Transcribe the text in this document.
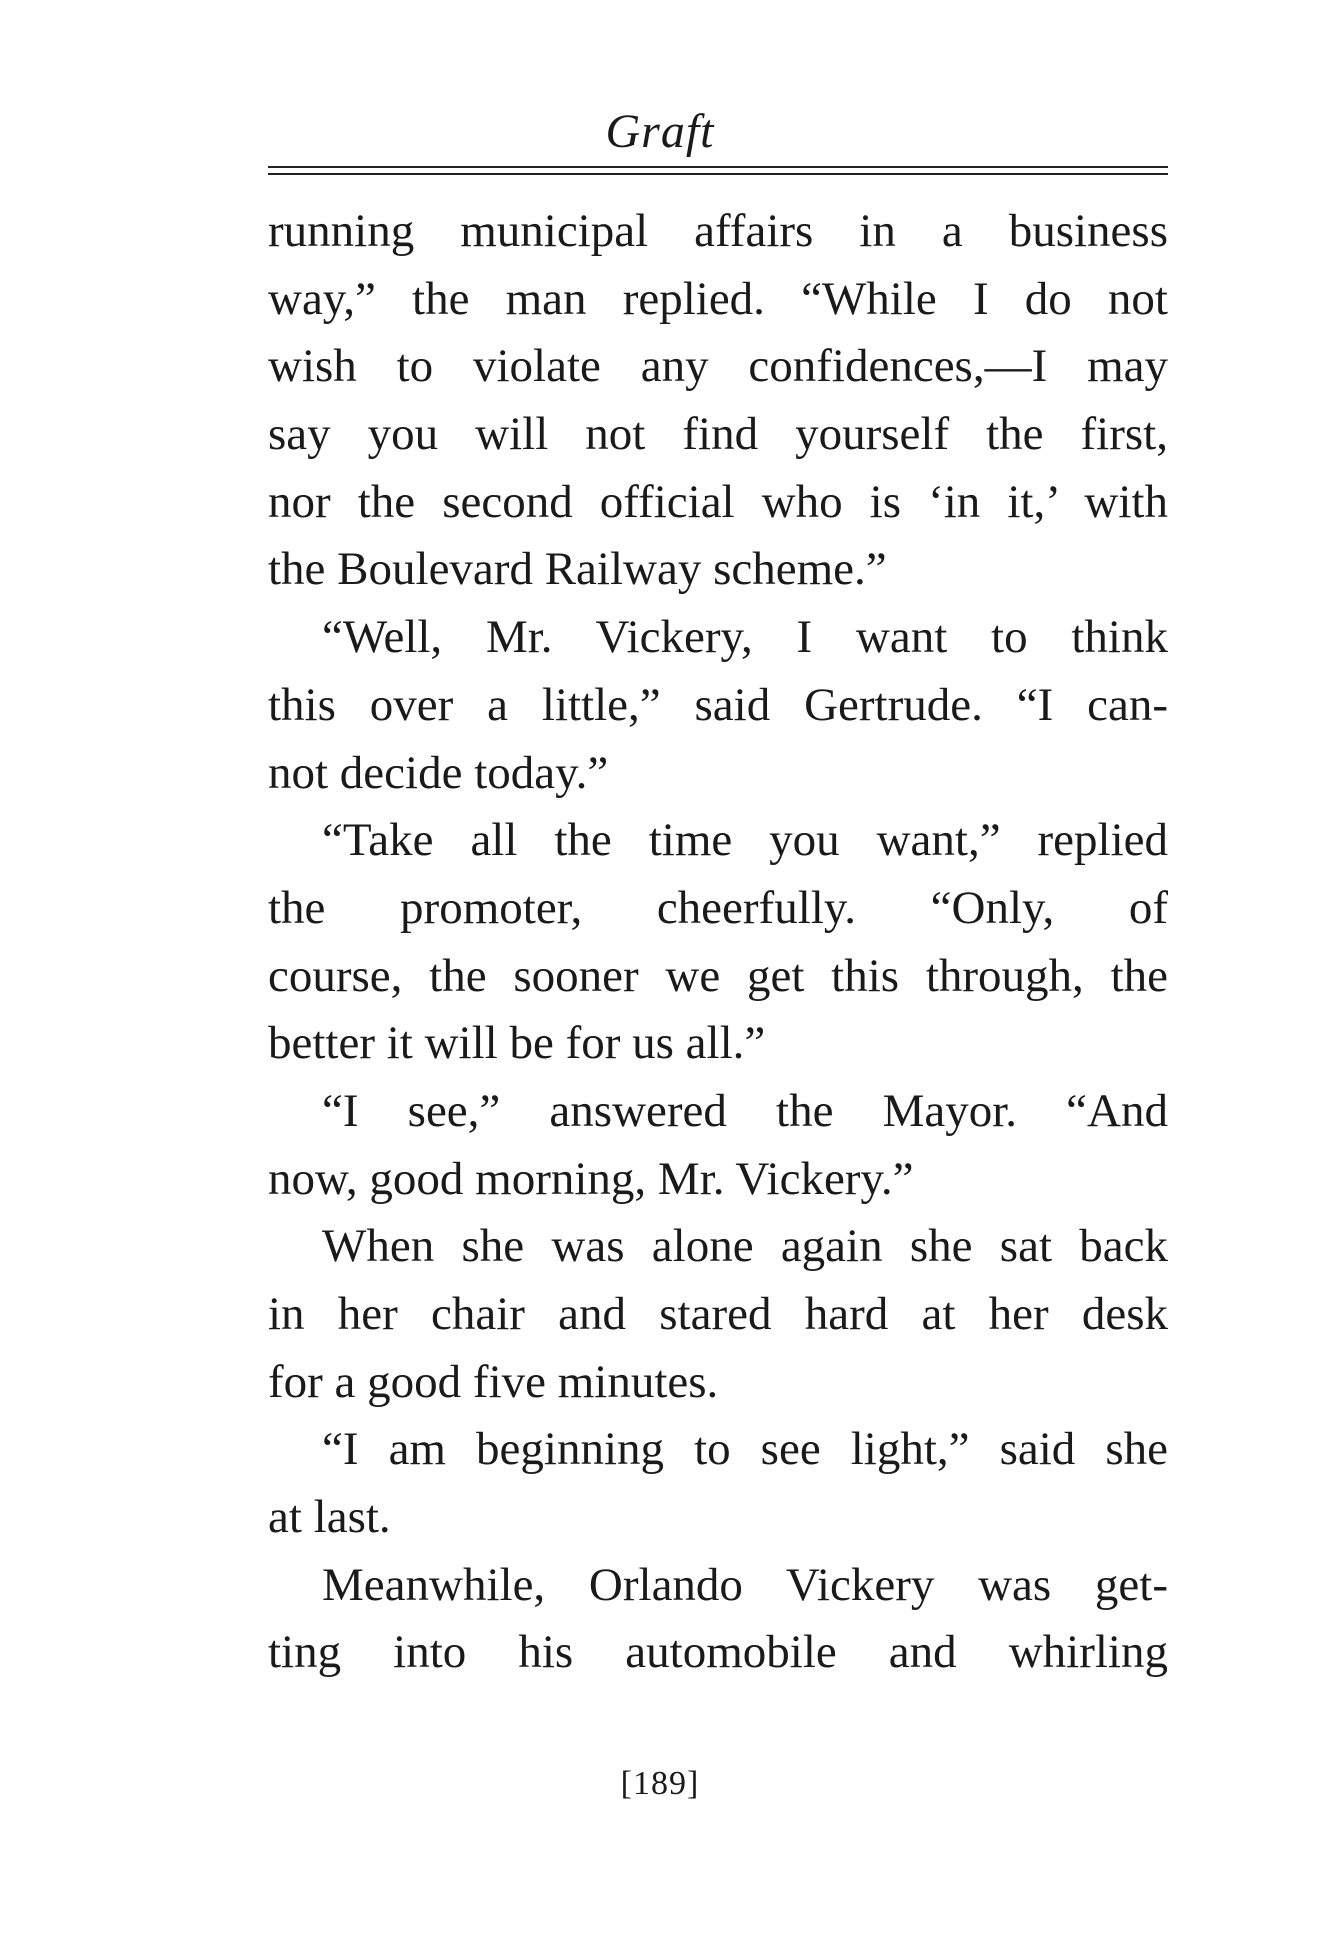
Graft
running municipal affairs in a business
way,” the man replied. “While I do not
wish to violate any confidences,—I may
say you will not find yourself the first,
nor the second official who is ‘in it,’ with
the Boulevard Railway scheme.”
“Well, Mr. Vickery, I want to think
this over a little,” said Gertrude. “I can-
not decide today.”
“Take all the time you want,” replied
the promoter, cheerfully. “Only, of
course, the sooner we get this through, the
better it will be for us all.”
“I see,” answered the Mayor. “And
now, good morning, Mr. Vickery.”
When she was alone again she sat back
in her chair and stared hard at her desk
for a good five minutes.
“I am beginning to see light,” said she
at last.
Meanwhile, Orlando Vickery was get-
ting into his automobile and whirling
[189]
